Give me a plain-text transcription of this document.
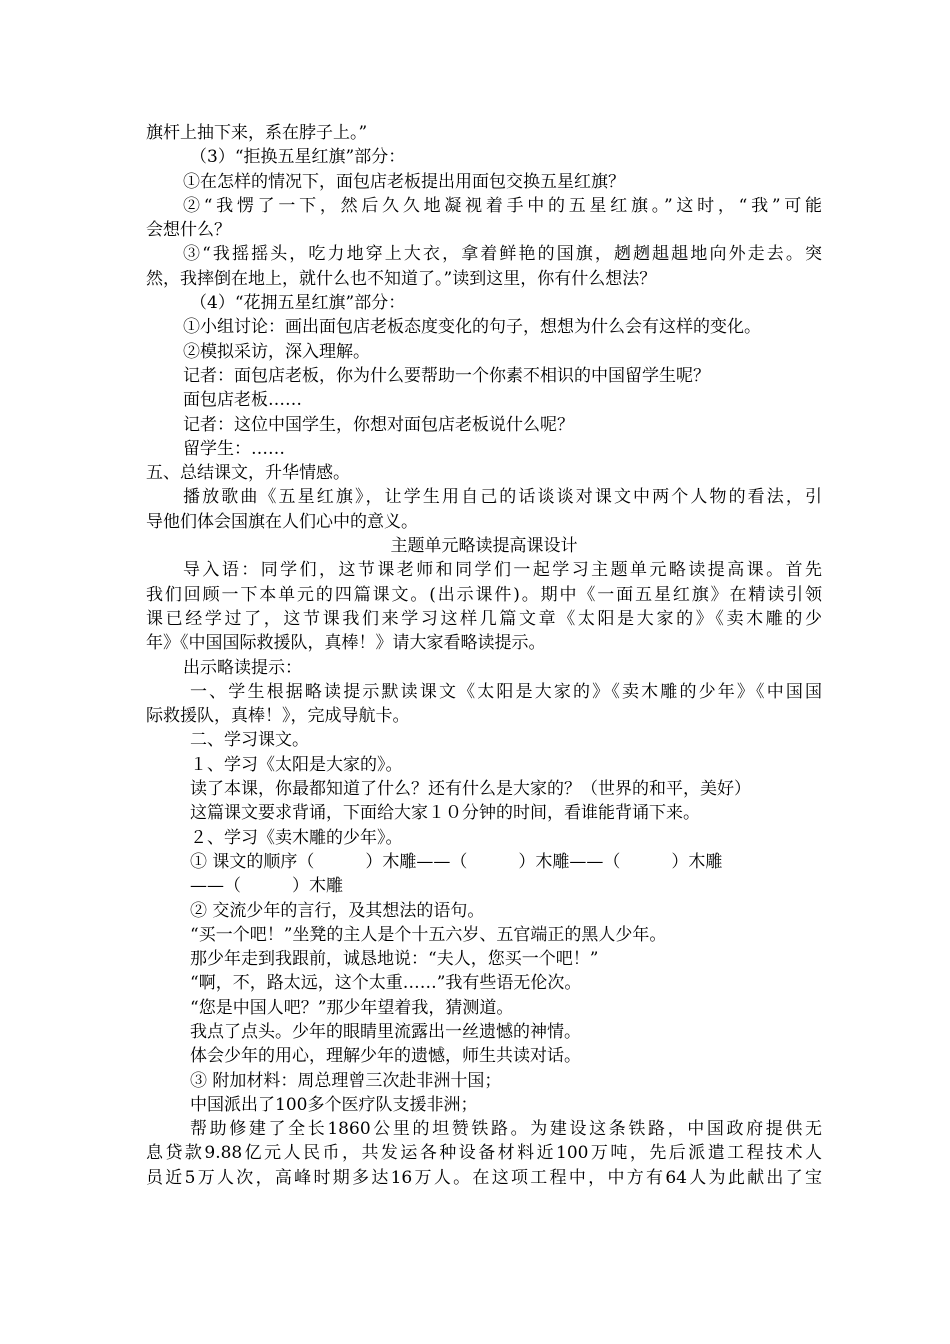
旗杆上抽下来，系在脖子上。”
（3）“拒换五星红旗”部分：
①在怎样的情况下，面包店老板提出用面包交换五星红旗？
②“我愣了一下，然后久久地凝视着手中的五星红旗。”这时，“我”可能
会想什么？
③“我摇摇头，吃力地穿上大衣，拿着鲜艳的国旗，趔趔趄趄地向外走去。突
然，我摔倒在地上，就什么也不知道了。”读到这里，你有什么想法？
（4）“花拥五星红旗”部分：
①小组讨论：画出面包店老板态度变化的句子，想想为什么会有这样的变化。
②模拟采访，深入理解。
记者：面包店老板，你为什么要帮助一个你素不相识的中国留学生呢？
面包店老板……
记者：这位中国学生，你想对面包店老板说什么呢？
留学生：……
五、总结课文，升华情感。
播放歌曲《五星红旗》，让学生用自己的话谈谈对课文中两个人物的看法，引
导他们体会国旗在人们心中的意义。
主题单元略读提高课设计
导入语：同学们，这节课老师和同学们一起学习主题单元略读提高课。首先
我们回顾一下本单元的四篇课文。(出示课件)。期中《一面五星红旗》在精读引领
课已经学过了，这节课我们来学习这样几篇文章《太阳是大家的》《卖木雕的少
年》《中国国际救援队，真棒！》请大家看略读提示。
出示略读提示：
一、学生根据略读提示默读课文《太阳是大家的》《卖木雕的少年》《中国国
际救援队，真棒！》，完成导航卡。
二、学习课文。
１、学习《太阳是大家的》。
读了本课，你最都知道了什么？还有什么是大家的？（世界的和平，美好）
这篇课文要求背诵，下面给大家１０分钟的时间，看谁能背诵下来。
２、学习《卖木雕的少年》。
① 课文的顺序（　　　）木雕——（　　　）木雕——（　　　）木雕
——（　　　）木雕
② 交流少年的言行，及其想法的语句。
“买一个吧！”坐凳的主人是个十五六岁、五官端正的黑人少年。
那少年走到我跟前，诚恳地说：“夫人，您买一个吧！”
“啊，不，路太远，这个太重……”我有些语无伦次。
“您是中国人吧？”那少年望着我，猜测道。
我点了点头。少年的眼睛里流露出一丝遗憾的神情。
体会少年的用心，理解少年的遗憾，师生共读对话。
③ 附加材料：周总理曾三次赴非洲十国；
中国派出了100多个医疗队支援非洲；
帮助修建了全长1860公里的坦赞铁路。为建设这条铁路，中国政府提供无
息贷款9.88亿元人民币，共发运各种设备材料近100万吨，先后派遣工程技术人
员近5万人次，高峰时期多达16万人。在这项工程中，中方有64人为此献出了宝
